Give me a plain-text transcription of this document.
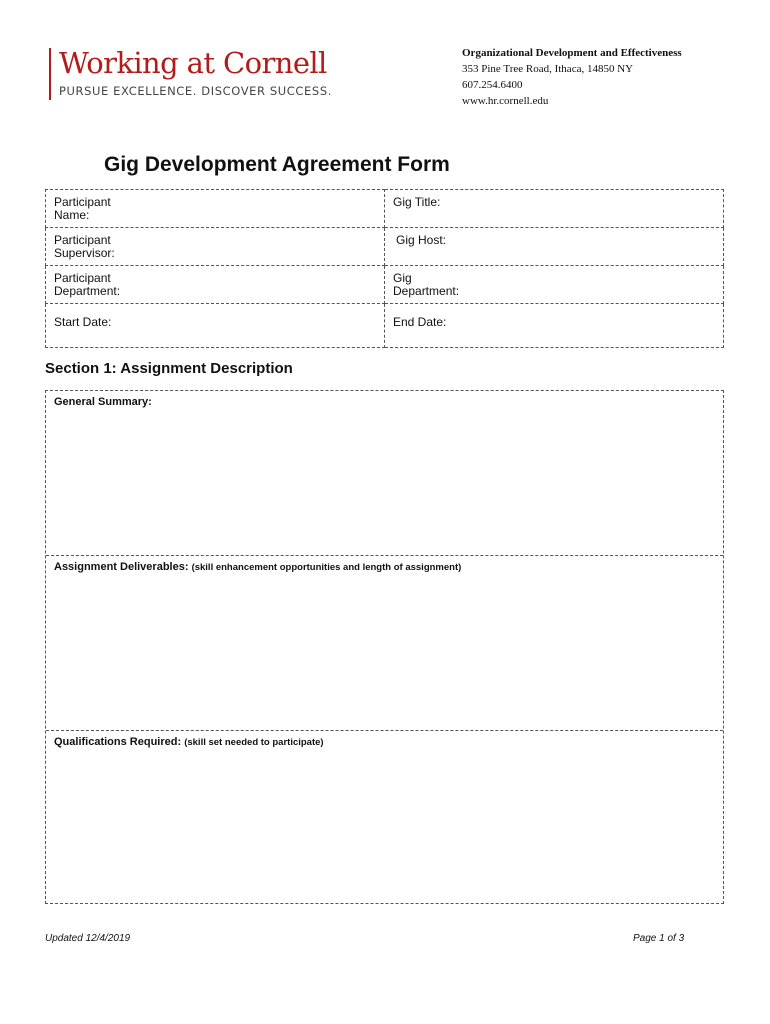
Working at Cornell
PURSUE EXCELLENCE. DISCOVER SUCCESS.
Organizational Development and Effectiveness
353 Pine Tree Road, Ithaca, 14850 NY
607.254.6400
www.hr.cornell.edu
Gig Development Agreement Form
Participant
Name:	Gig Title:
Participant
Supervisor:	Gig Host:
Participant
Department:	Gig
Department:
Start Date:	End Date:
Section 1: Assignment Description
General Summary:
Assignment Deliverables: (skill enhancement opportunities and length of assignment)
Qualifications Required: (skill set needed to participate)
Updated 12/4/2019	Page 1 of 3
